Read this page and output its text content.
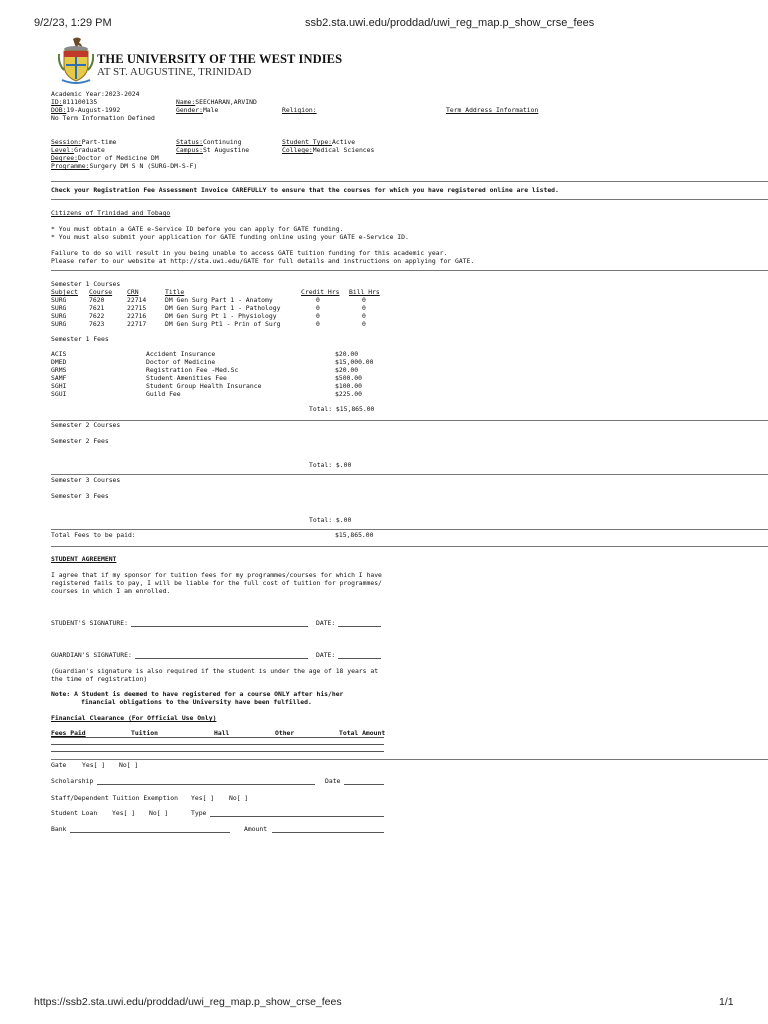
9/2/23, 1:29 PM	ssb2.sta.uwi.edu/proddad/uwi_reg_map.p_show_crse_fees
https://ssb2.sta.uwi.edu/proddad/uwi_reg_map.p_show_crse_fees	1/1
THE UNIVERSITY OF THE WEST INDIES
AT ST. AUGUSTINE, TRINIDAD
Academic Year:2023-2024
ID:811100135
DOB:19-August-1992
No Term Information Defined
Name:SEECHARAN,ARVIND
Gender:Male	Religion:	Term Address Information
Session:Part-time
Level:Graduate
Degree:Doctor of Medicine DM
Programme:Surgery DM S N (SURG-DM-S-F)
Status:Continuing
Campus:St Augustine
Student Type:Active
College:Medical Sciences
Check your Registration Fee Assessment Invoice CAREFULLY to ensure that the courses for which you have registered online are listed.
Citizens of Trinidad and Tobago
* You must obtain a GATE e-Service ID before you can apply for GATE funding.
* You must also submit your application for GATE funding online using your GATE e-Service ID.
Failure to do so will result in you being unable to access GATE tuition funding for this academic year.
Please refer to our website at http://sta.uwi.edu/GATE for full details and instructions on applying for GATE.
Semester 1 Courses
Subject Course CRN	Title	Credit Hrs Bill Hrs
SURG	7620	22714	DM Gen Surg Part 1 - Anatomy	0	0
SURG	7621	22715	DM Gen Surg Part 1 - Pathology	0	0
SURG	7622	22716	DM Gen Surg Pt 1 - Physiology	0	0
SURG	7623	22717	DM Gen Surg Pt1 - Prin of Surg	0	0
Semester 1 Fees
ACIS	Accident Insurance	$20.00
DMED	Doctor of Medicine	$15,000.00
GRMS	Registration Fee -Med.Sc	$20.00
SAMF	Student Amenities Fee	$500.00
SGHI	Student Group Health Insurance	$100.00
SGUI	Guild Fee	$225.00
Total: $15,865.00
Semester 2 Courses
Semester 2 Fees
Total: $.00
Semester 3 Courses
Semester 3 Fees
Total: $.00
Total Fees to be paid:	$15,865.00
STUDENT AGREEMENT
I agree that if my sponsor for tuition fees for my programmes/courses for which I have
registered fails to pay, I will be liable for the full cost of tuition for programmes/
courses in which I am enrolled.
STUDENT'S SIGNATURE:	DATE:
GUARDIAN'S SIGNATURE:	DATE:
(Guardian's signature is also required if the student is under the age of 18 years at
the time of registration)
Note: A Student is deemed to have registered for a course ONLY after his/her
financial obligations to the University have been fulfilled.
Financial Clearance (For Official Use Only)
Fees Paid	Tuition	Hall	Other	Total Amount
Gate Yes[ ] No[ ]
Scholarship	Date
Staff/Dependent Tuition Exemption Yes[ ] No[ ]
Student Loan Yes[ ] No[ ]	Type
Bank	Amount
